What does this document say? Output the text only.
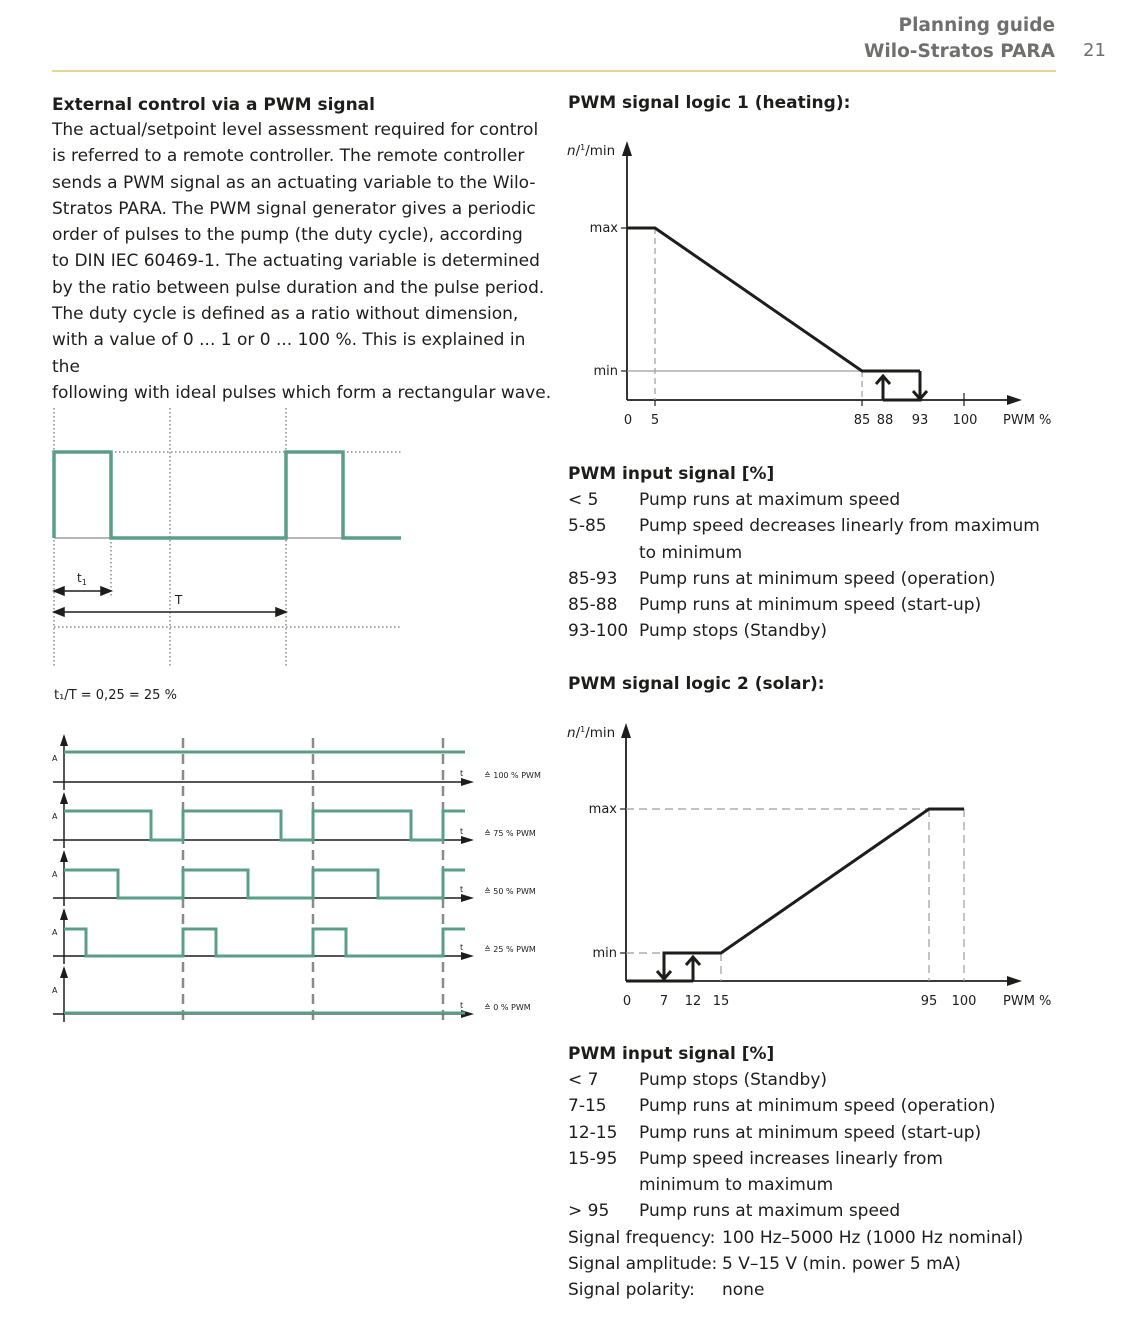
Planning guide
Wilo-Stratos PARA 21
External control via a PWM signal
The actual/setpoint level assessment required for control
is referred to a remote controller. The remote controller
sends a PWM signal as an actuating variable to the Wilo-
Stratos PARA. The PWM signal generator gives a periodic
order of pulses to the pump (the duty cycle), according
to DIN IEC 60469-1. The actuating variable is determined
by the ratio between pulse duration and the pulse period.
The duty cycle is defined as a ratio without dimension,
with a value of 0 ... 1 or 0 ... 100 %. This is explained in the
following with ideal pulses which form a rectangular wave.
$t_1$
T
t₁/T = 0,25 = 25 %
A
t	≙ 100 % PWM
A
t	≙ 75 % PWM
A
t	≙ 50 % PWM
A
t	≙ 25 % PWM
A
t	≙ 0 % PWM
PWM signal logic 1 (heating):
n/$^1$/min
max
min
0 5	85 88 93 100 PWM %
PWM input signal [%]
< 5	Pump runs at maximum speed
5-85	Pump speed decreases linearly from maximum to minimum
85-93	Pump runs at minimum speed (operation)
85-88	Pump runs at minimum speed (start-up)
93-100 Pump stops (Standby)
PWM signal logic 2 (solar):
n/$^1$/min
max
min
0 7 12 15	95 100 PWM %
PWM input signal [%]
< 7	Pump stops (Standby)
7-15	Pump runs at minimum speed (operation)
12-15	Pump runs at minimum speed (start-up)
15-95	Pump speed increases linearly from minimum to maximum
> 95	Pump runs at maximum speed
Signal frequency: 100 Hz–5000 Hz (1000 Hz nominal)
Signal amplitude: 5 V–15 V (min. power 5 mA)
Signal polarity:	none
